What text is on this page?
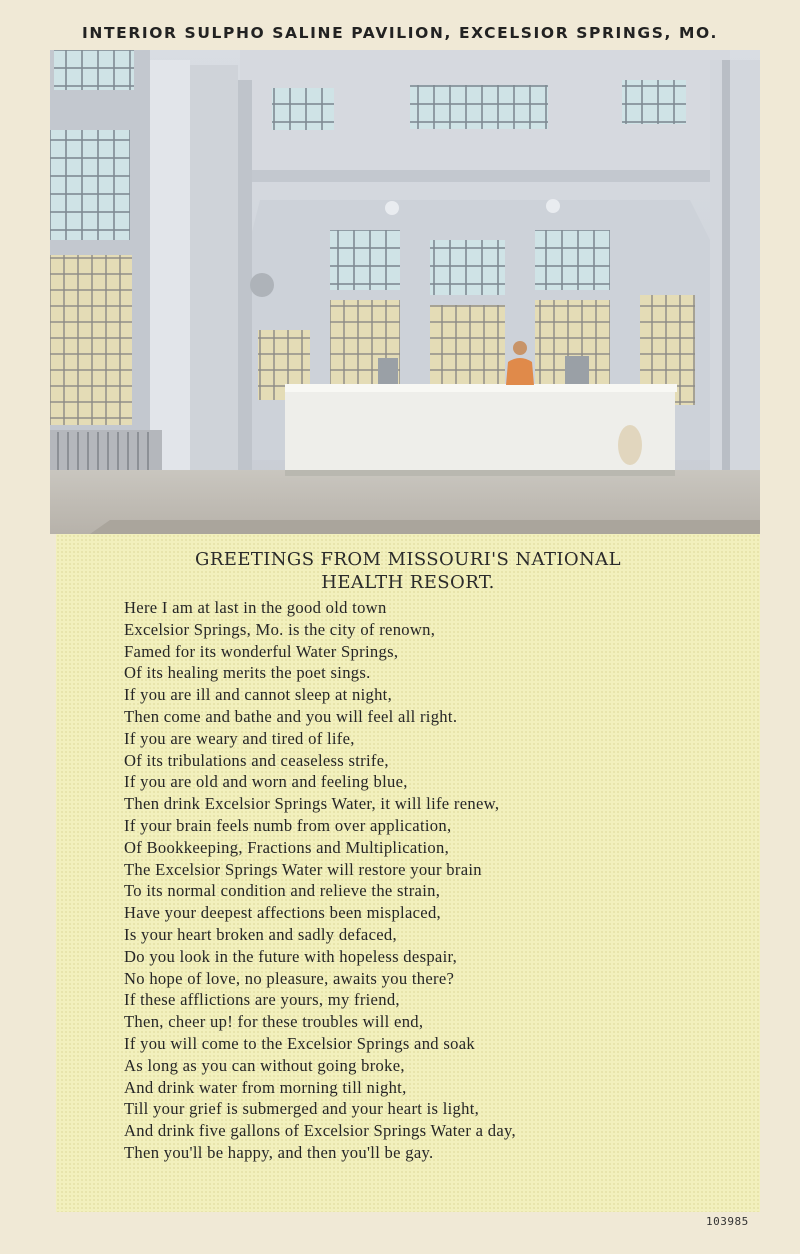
INTERIOR SULPHO SALINE PAVILION, EXCELSIOR SPRINGS, MO.
GREETINGS FROM MISSOURI'S NATIONAL
HEALTH RESORT.
Here I am at last in the good old town
Excelsior Springs, Mo. is the city of renown,
Famed for its wonderful Water Springs,
Of its healing merits the poet sings.
If you are ill and cannot sleep at night,
Then come and bathe and you will feel all right.
If you are weary and tired of life,
Of its tribulations and ceaseless strife,
If you are old and worn and feeling blue,
Then drink Excelsior Springs Water, it will life renew,
If your brain feels numb from over application,
Of Bookkeeping, Fractions and Multiplication,
The Excelsior Springs Water will restore your brain
To its normal condition and relieve the strain,
Have your deepest affections been misplaced,
Is your heart broken and sadly defaced,
Do you look in the future with hopeless despair,
No hope of love, no pleasure, awaits you there?
If these afflictions are yours, my friend,
Then, cheer up! for these troubles will end,
If you will come to the Excelsior Springs and soak
As long as you can without going broke,
And drink water from morning till night,
Till your grief is submerged and your heart is light,
And drink five gallons of Excelsior Springs Water a day,
Then you'll be happy, and then you'll be gay.
103985
